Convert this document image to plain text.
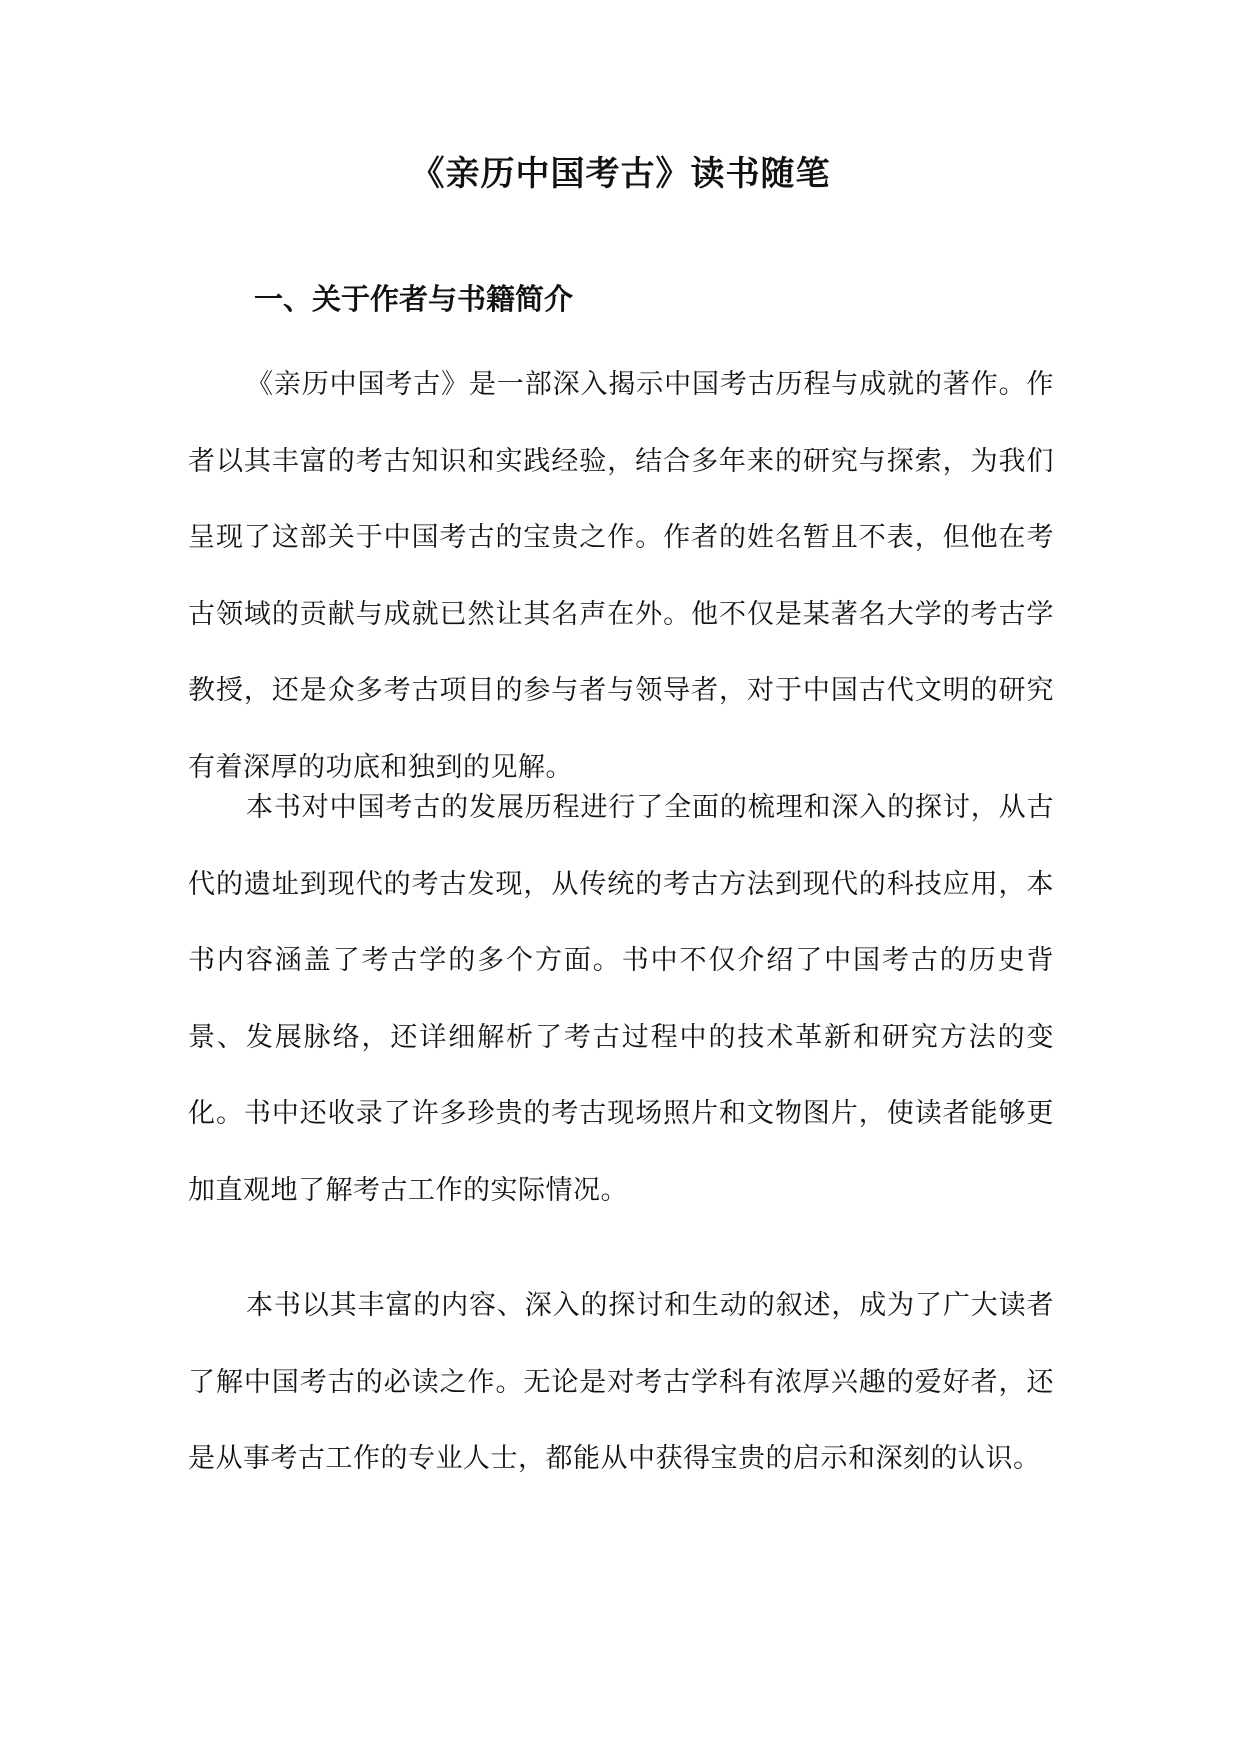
《亲历中国考古》读书随笔
一、关于作者与书籍简介

《亲历中国考古》是一部深入揭示中国考古历程与成就的著作。作者以其丰富的考古知识和实践经验，结合多年来的研究与探索，为我们呈现了这部关于中国考古的宝贵之作。作者的姓名暂且不表，但他在考古领域的贡献与成就已然让其名声在外。他不仅是某著名大学的考古学教授，还是众多考古项目的参与者与领导者，对于中国古代文明的研究有着深厚的功底和独到的见解。

本书对中国考古的发展历程进行了全面的梳理和深入的探讨，从古代的遗址到现代的考古发现，从传统的考古方法到现代的科技应用，本书内容涵盖了考古学的多个方面。书中不仅介绍了中国考古的历史背景、发展脉络，还详细解析了考古过程中的技术革新和研究方法的变化。书中还收录了许多珍贵的考古现场照片和文物图片，使读者能够更加直观地了解考古工作的实际情况。

本书以其丰富的内容、深入的探讨和生动的叙述，成为了广大读者了解中国考古的必读之作。无论是对考古学科有浓厚兴趣的爱好者，还是从事考古工作的专业人士，都能从中获得宝贵的启示和深刻的认识。
